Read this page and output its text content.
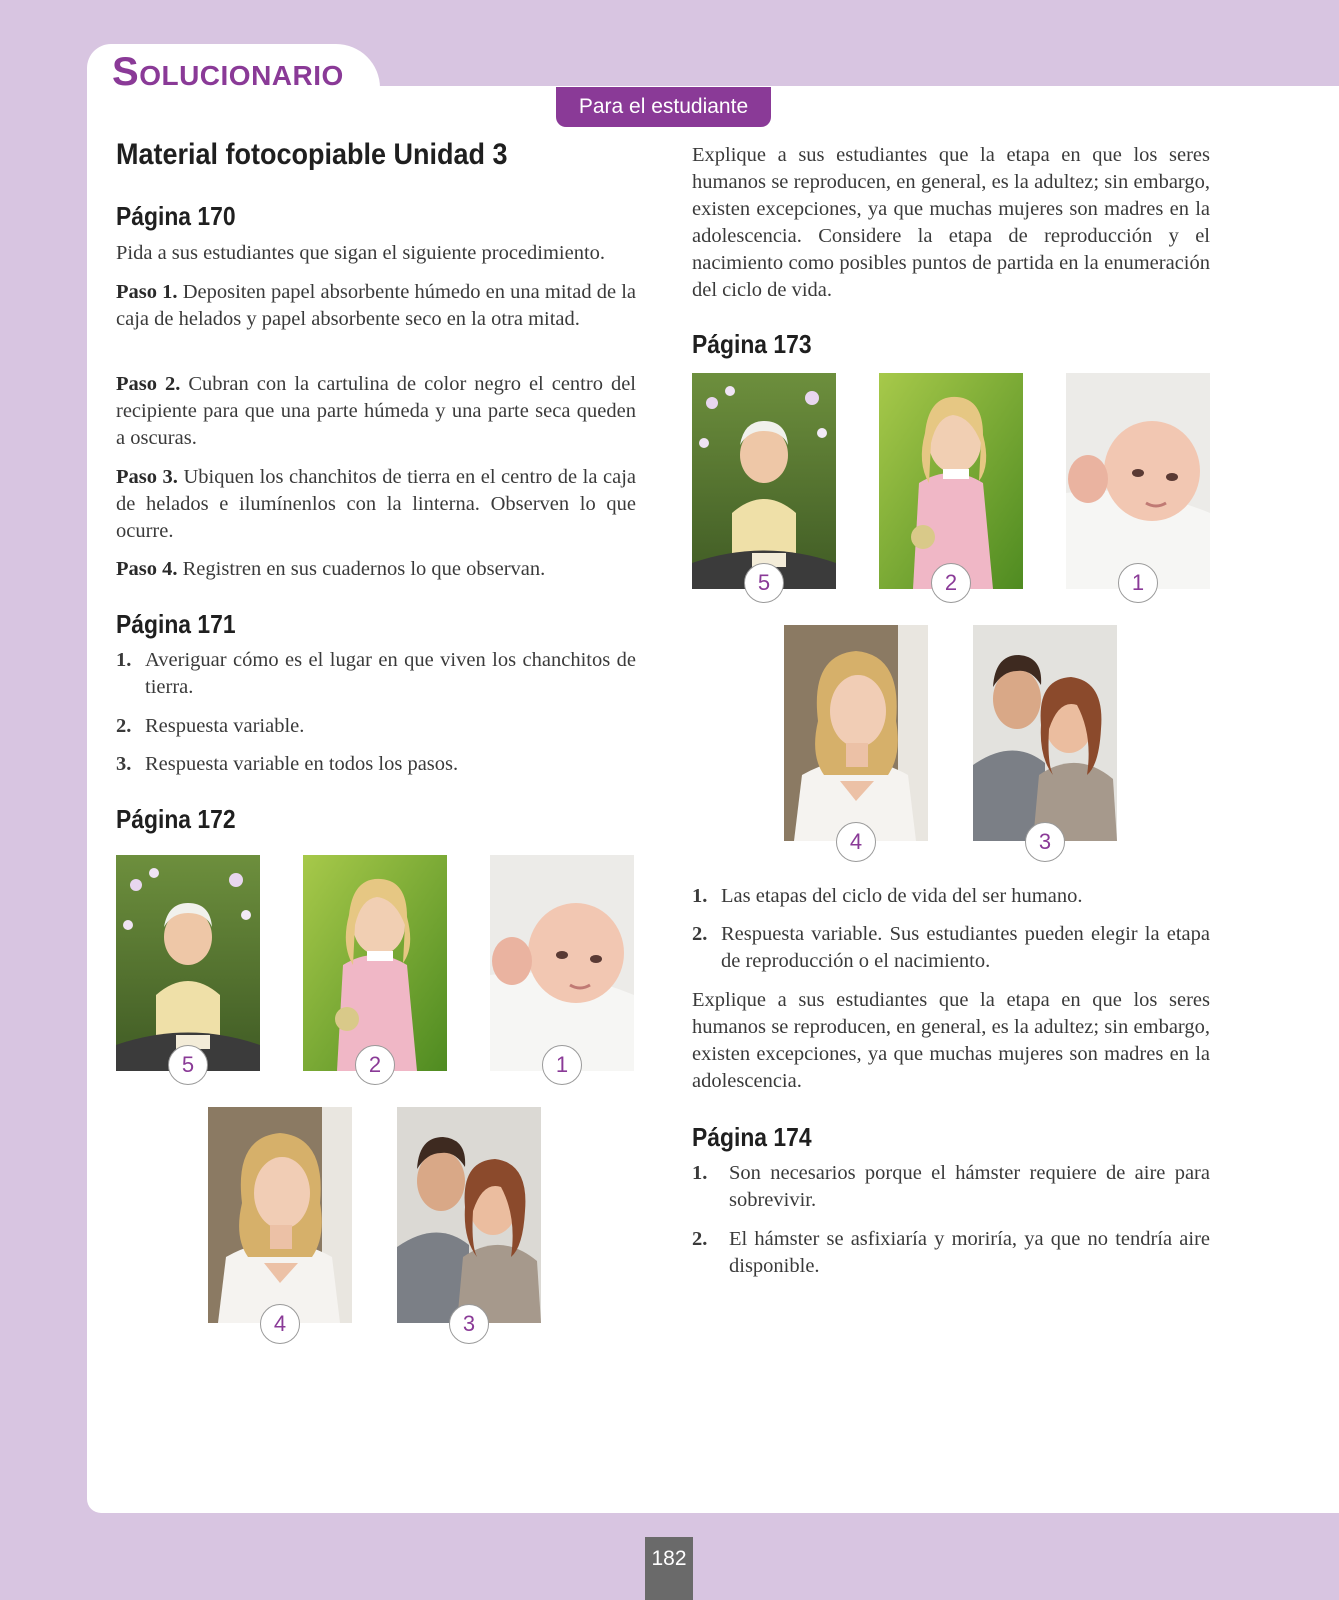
SOLUCIONARIO
Para el estudiante
Material fotocopiable Unidad 3
Página 170
Pida a sus estudiantes que sigan el siguiente procedimiento.
Paso 1. Depositen papel absorbente húmedo en una mitad de la caja de helados y papel absorbente seco en la otra mitad.
Paso 2. Cubran con la cartulina de color negro el centro del recipiente para que una parte húmeda y una parte seca queden a oscuras.
Paso 3. Ubiquen los chanchitos de tierra en el centro de la caja de helados e ilumínenlos con la linterna. Observen lo que ocurre.
Paso 4. Registren en sus cuadernos lo que observan.
Página 171
1. Averiguar cómo es el lugar en que viven los chanchitos de tierra.
2. Respuesta variable.
3. Respuesta variable en todos los pasos.
Página 172
5	2	1
4	3
Explique a sus estudiantes que la etapa en que los seres humanos se reproducen, en general, es la adultez; sin embargo, existen excepciones, ya que muchas mujeres son madres en la adolescencia. Considere la etapa de reproducción y el nacimiento como posibles puntos de partida en la enumeración del ciclo de vida.
Página 173
5	2	1
4	3
1. Las etapas del ciclo de vida del ser humano.
2. Respuesta variable. Sus estudiantes pueden elegir la etapa de reproducción o el nacimiento.
Explique a sus estudiantes que la etapa en que los seres humanos se reproducen, en general, es la adultez; sin embargo, existen excepciones, ya que muchas mujeres son madres en la adolescencia.
Página 174
1.	Son necesarios porque el hámster requiere de aire para sobrevivir.
2.	El hámster se asfixiaría y moriría, ya que no tendría aire disponible.
182
